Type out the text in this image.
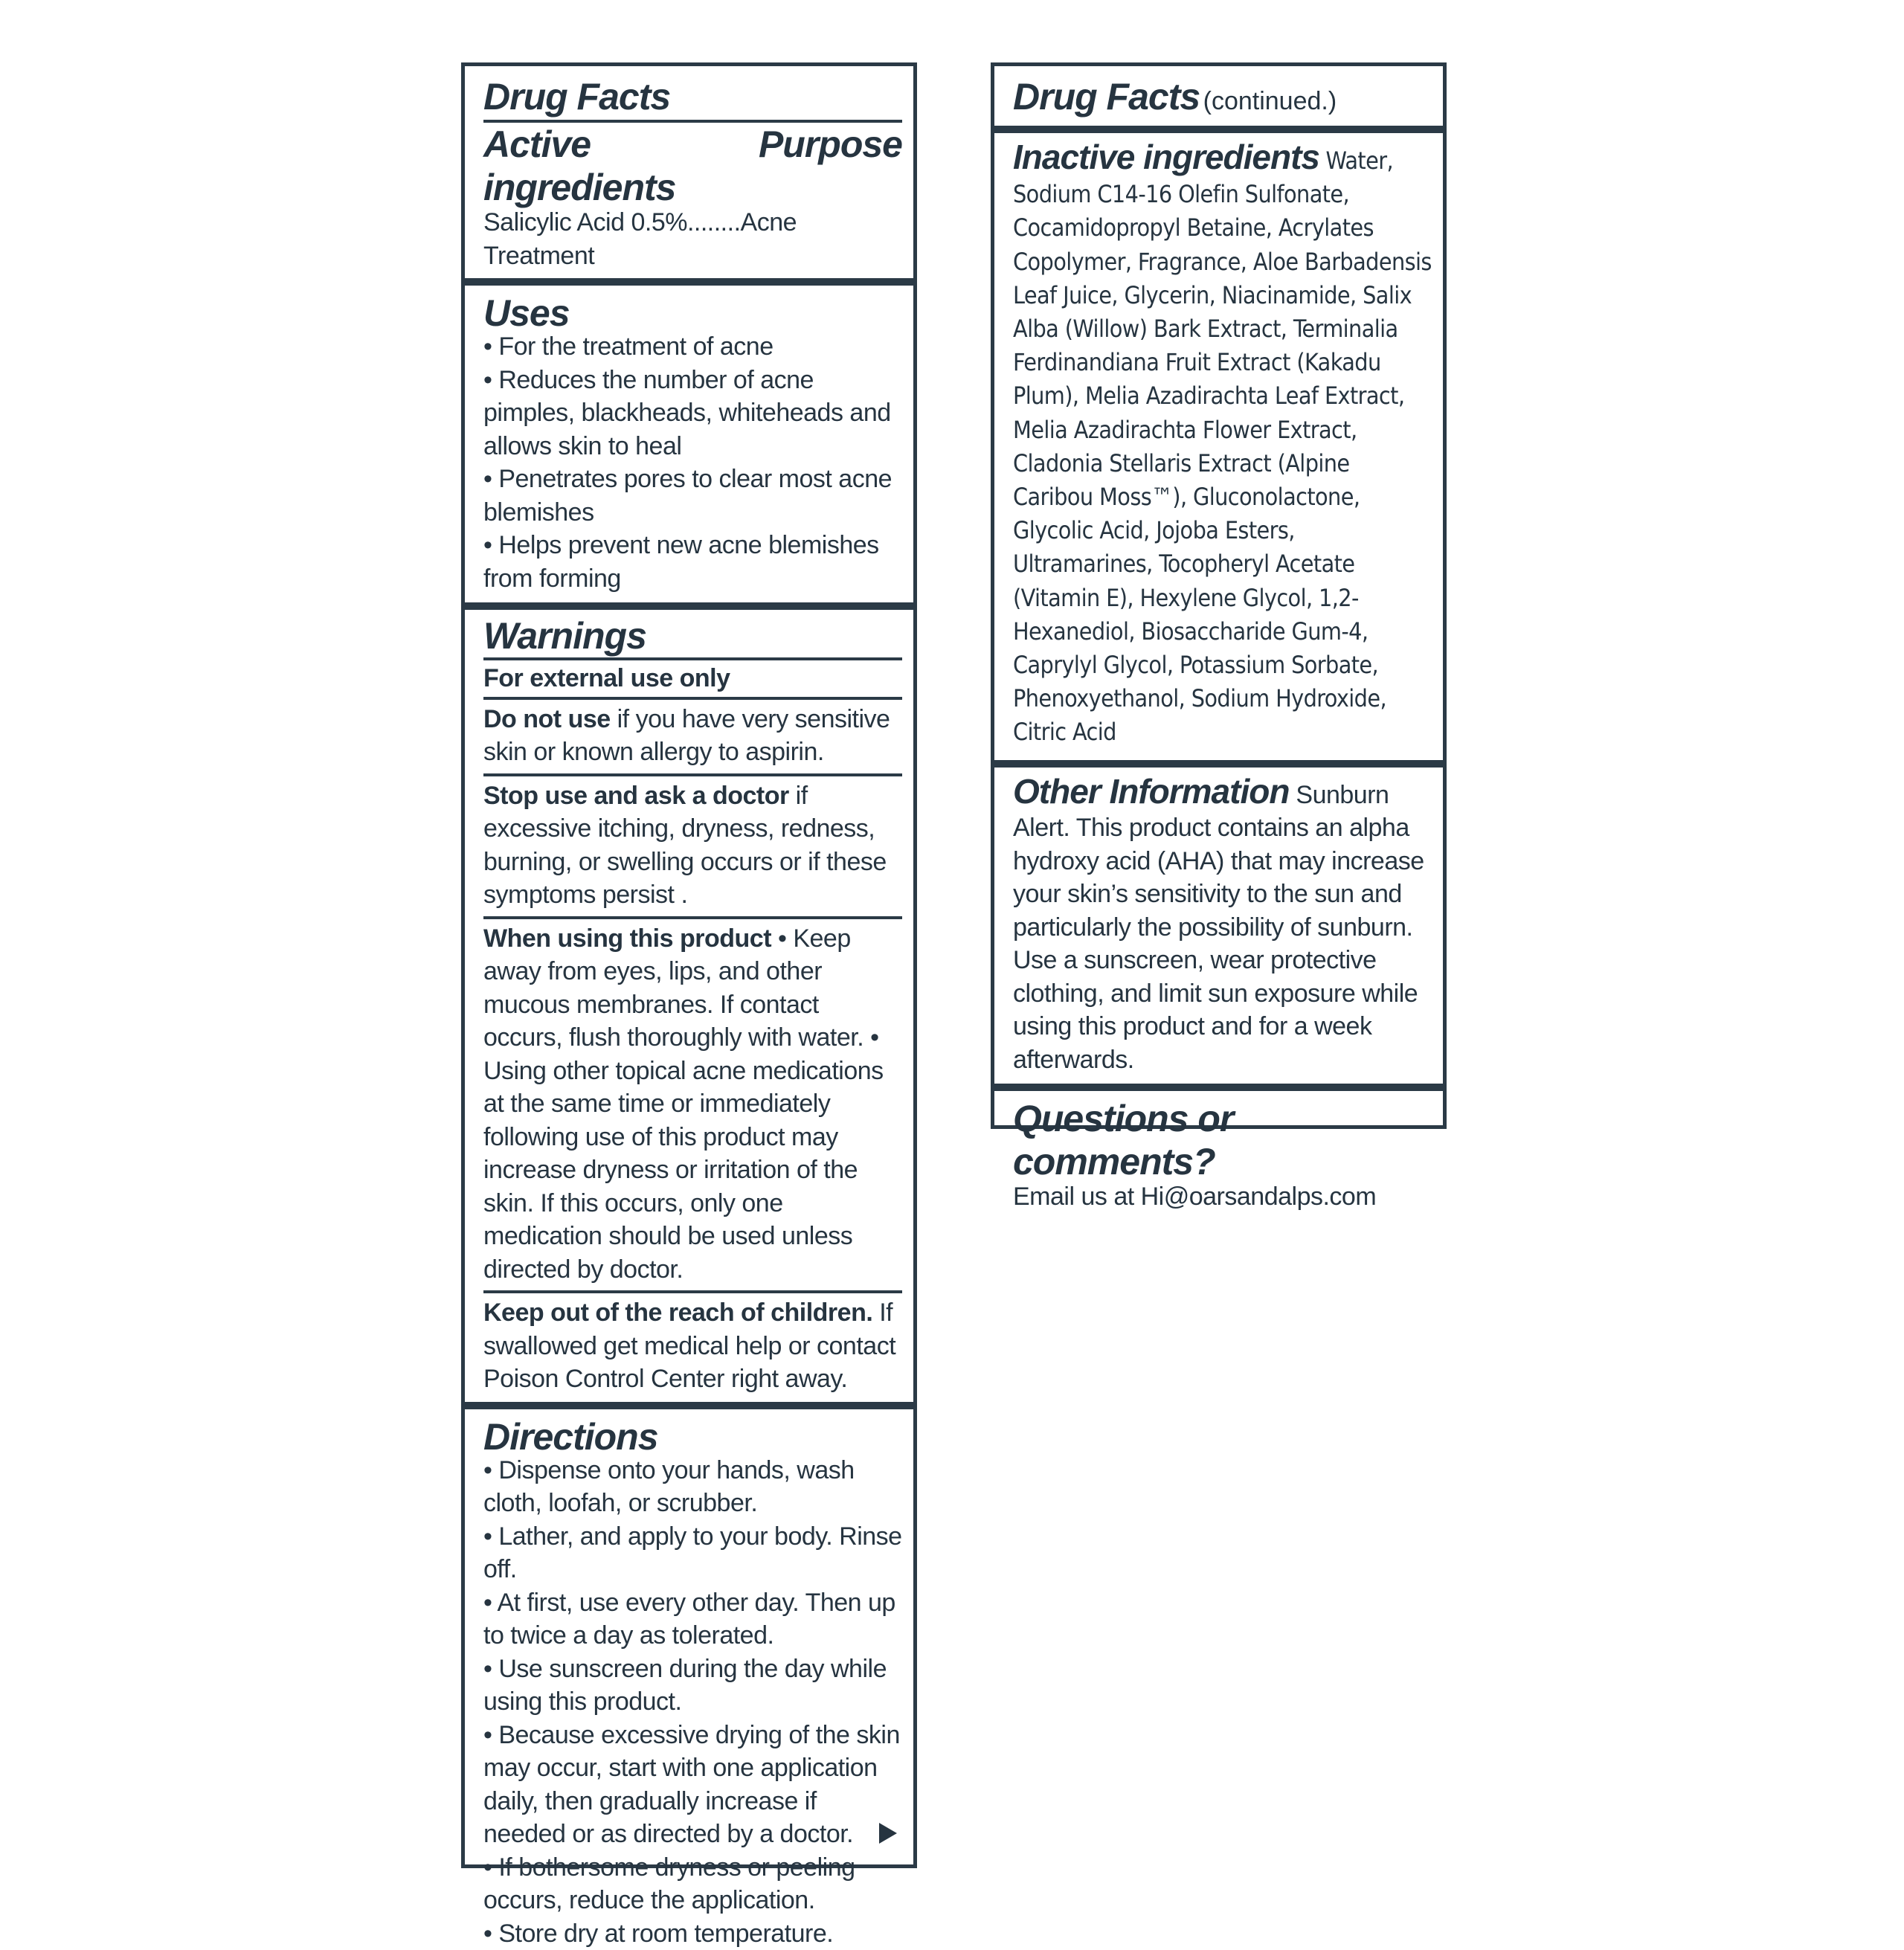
Drug Facts
Active ingredients
Purpose
Salicylic Acid 0.5%........Acne Treatment
Uses
• For the treatment of acne
• Reduces the number of acne pimples, blackheads, whiteheads and allows skin to heal
• Penetrates pores to clear most acne blemishes
• Helps prevent new acne blemishes from forming
Warnings
For external use only
Do not use if you have very sensitive skin or known allergy to aspirin.
Stop use and ask a doctor if excessive itching, dryness, redness, burning, or swelling occurs or if these symptoms persist .
When using this product • Keep away from eyes, lips, and other mucous membranes. If contact occurs, flush thoroughly with water. • Using other topical acne medications at the same time or immediately following use of this product may increase dryness or irritation of the skin. If this occurs, only one medication should be used unless directed by doctor.
Keep out of the reach of children. If swallowed get medical help or contact Poison Control Center right away.
Directions
• Dispense onto your hands, wash cloth, loofah, or scrubber.
• Lather, and apply to your body. Rinse off.
• At first, use every other day. Then up to twice a day as tolerated.
• Use sunscreen during the day while using this product.
• Because excessive drying of the skin may occur, start with one application daily, then gradually increase if needed or as directed by a doctor.
• If bothersome dryness or peeling occurs, reduce the application.
• Store dry at room temperature.
Drug Facts (continued.)
Inactive ingredients Water, Sodium C14-16 Olefin Sulfonate, Cocamidopropyl Betaine, Acrylates Copolymer, Fragrance, Aloe Barbadensis Leaf Juice, Glycerin, Niacinamide, Salix Alba (Willow) Bark Extract, Terminalia Ferdinandiana Fruit Extract (Kakadu Plum), Melia Azadirachta Leaf Extract, Melia Azadirachta Flower Extract, Cladonia Stellaris Extract (Alpine Caribou Moss™), Gluconolactone, Glycolic Acid, Jojoba Esters, Ultramarines, Tocopheryl Acetate (Vitamin E), Hexylene Glycol, 1,2-Hexanediol, Biosaccharide Gum-4, Caprylyl Glycol, Potassium Sorbate, Phenoxyethanol, Sodium Hydroxide, Citric Acid
Other Information Sunburn Alert. This product contains an alpha hydroxy acid (AHA) that may increase your skin’s sensitivity to the sun and particularly the possibility of sunburn. Use a sunscreen, wear protective clothing, and limit sun exposure while using this product and for a week afterwards.
Questions or comments?
Email us at Hi@oarsandalps.com
